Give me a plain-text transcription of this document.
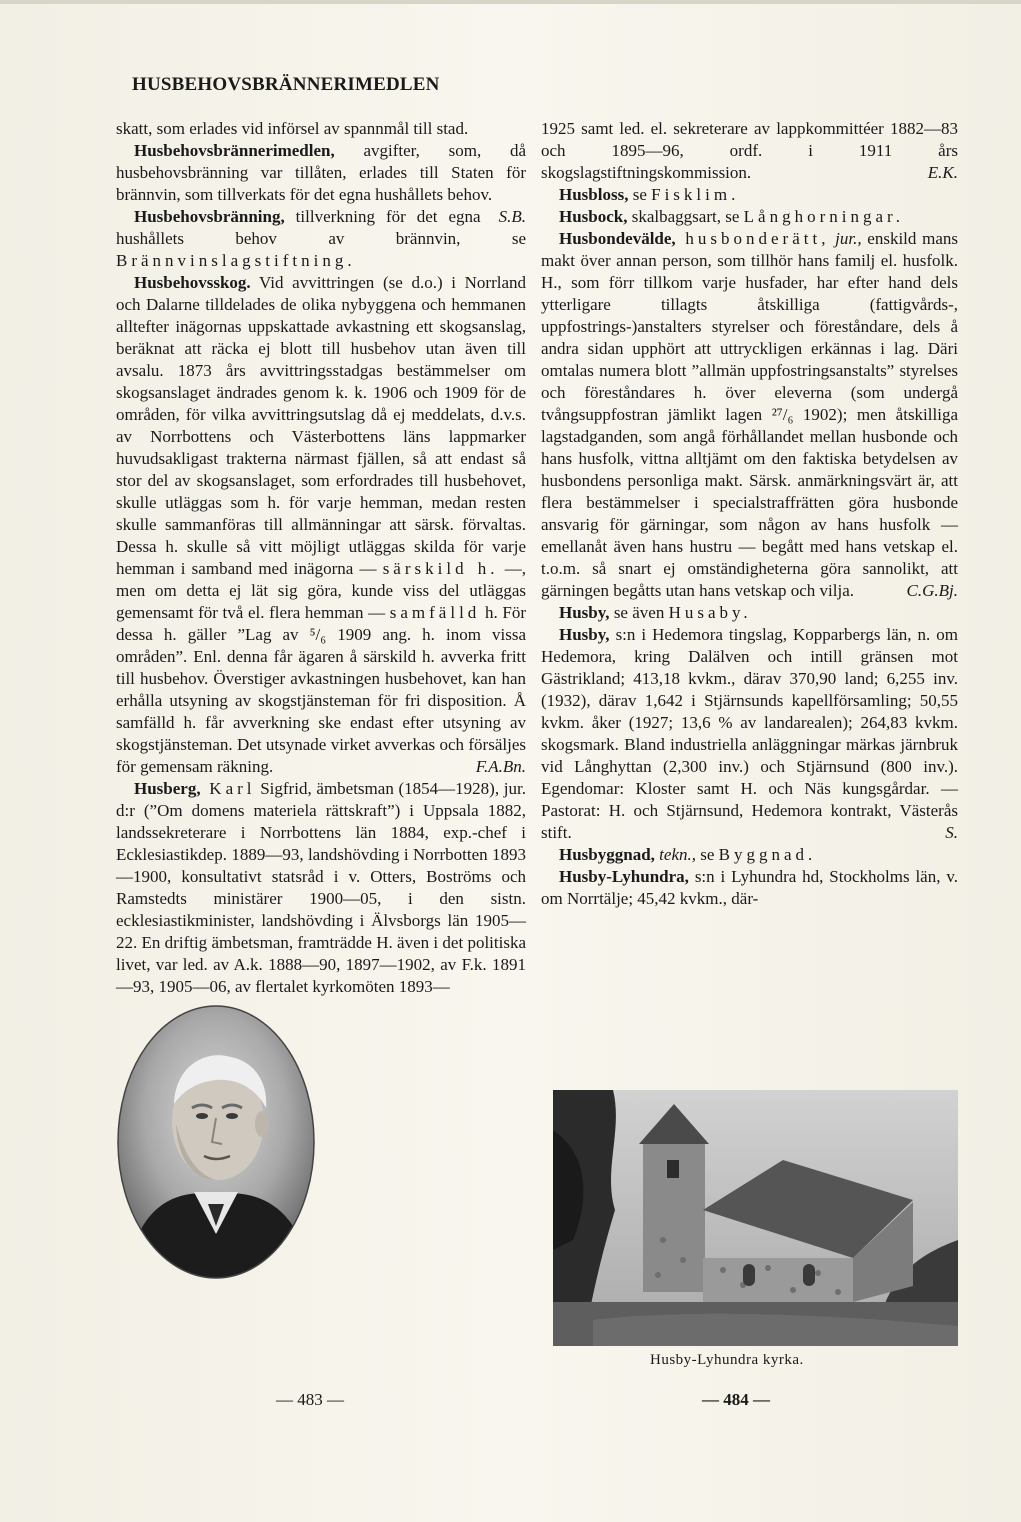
HUSBEHOVSBRÄNNERIMEDLEN

skatt, som erlades vid införsel av spannmål till stad.

Husbehovsbrännerimedlen, avgifter, som, då husbehovsbränning var tillåten, erlades till Staten för brännvin, som tillverkats för det egna hushållets behov.
S.B.

Husbehovsbränning, tillverkning för det egna hushållets behov av brännvin, se Brännvinslagstiftning.

Husbehovsskog. Vid avvittringen (se d.o.) i Norrland och Dalarne tilldelades de olika nybyggena och hemmanen alltefter inägornas uppskattade avkastning ett skogsanslag, beräknat att räcka ej blott till husbehov utan även till avsalu. 1873 års avvittringsstadgas bestämmelser om skogsanslaget ändrades genom k. k. 1906 och 1909 för de områden, för vilka avvittringsutslag då ej meddelats, d.v.s. av Norrbottens och Västerbottens läns lappmarker huvudsakligast trakterna närmast fjällen, så att endast så stor del av skogsanslaget, som erfordrades till husbehovet, skulle utläggas som h. för varje hemman, medan resten skulle sammanföras till allmänningar att särsk. förvaltas. Dessa h. skulle så vitt möjligt utläggas skilda för varje hemman i samband med inägorna — särskild h. —, men om detta ej lät sig göra, kunde viss del utläggas gemensamt för två el. flera hemman — samfälld h. För dessa h. gäller ”Lag av ⁵/₆ 1909 ang. h. inom vissa områden”. Enl. denna får ägaren å särskild h. avverka fritt till husbehov. Överstiger avkastningen husbehovet, kan han erhålla utsyning av skogstjänsteman för fri disposition. Å samfälld h. får avverkning ske endast efter utsyning av skogstjänsteman. Det utsynade virket avverkas och försäljes för gemensam räkning.	F.A.Bn.

Husberg, Karl Sigfrid, ämbetsman (1854—1928), jur. d:r (”Om domens materiela rättskraft”) i Uppsala 1882, landssekreterare i Norrbottens län 1884, exp.-chef i Ecklesiastikdep. 1889—93, landshövding i Norrbotten 1893—1900, konsultativt statsråd i v. Otters, Boströms och Ramstedts ministärer 1900—05, i den sistn. ecklesiastikminister, landshövding i Älvsborgs län 1905—22. En driftig ämbetsman, framträdde H. även i det politiska livet, var led. av A.k. 1888—90, 1897—1902, av F.k. 1891—93, 1905—06, av flertalet kyrkomöten 1893—

1925 samt led. el. sekreterare av lappkommittéer 1882—83 och 1895—96, ordf. i 1911 års skogslagstiftningskommission.	E.K.

Husbloss, se Fisklim.

Husbock, skalbaggsart, se Långhorningar.

Husbondevälde, husbonderätt, jur., enskild mans makt över annan person, som tillhör hans familj el. husfolk. H., som förr tillkom varje husfader, har efter hand dels ytterligare tillagts åtskilliga (fattigvårds-, uppfostrings-)anstalters styrelser och föreståndare, dels å andra sidan upphört att uttryckligen erkännas i lag. Däri omtalas numera blott ”allmän uppfostringsanstalts” styrelses och föreståndares h. över eleverna (som undergå tvångsuppfostran jämlikt lagen ²⁷/₆ 1902); men åtskilliga lagstadganden, som angå förhållandet mellan husbonde och hans husfolk, vittna alltjämt om den faktiska betydelsen av husbondens personliga makt. Särsk. anmärkningsvärt är, att flera bestämmelser i specialstraffrätten göra husbonde ansvarig för gärningar, som någon av hans husfolk — emellanåt även hans hustru — begått med hans vetskap el. t.o.m. så snart ej omständigheterna göra sannolikt, att gärningen begåtts utan hans vetskap och vilja.	C.G.Bj.

Husby, se även Husaby.

Husby, s:n i Hedemora tingslag, Kopparbergs län, n. om Hedemora, kring Dalälven och intill gränsen mot Gästrikland; 413,18 kvkm., därav 370,90 land; 6,255 inv. (1932), därav 1,642 i Stjärnsunds kapellförsamling; 50,55 kvkm. åker (1927; 13,6 % av landarealen); 264,83 kvkm. skogsmark. Bland industriella anläggningar märkas järnbruk vid Långhyttan (2,300 inv.) och Stjärnsund (800 inv.). Egendomar: Kloster samt H. och Näs kungsgårdar. — Pastorat: H. och Stjärnsund, Hedemora kontrakt, Västerås stift.	S.

Husbyggnad, tekn., se Byggnad.

Husby-Lyhundra, s:n i Lyhundra hd, Stockholms län, v. om Norrtälje; 45,42 kvkm., där-

Husby-Lyhundra kyrka.
— 483 —	— 484 —
